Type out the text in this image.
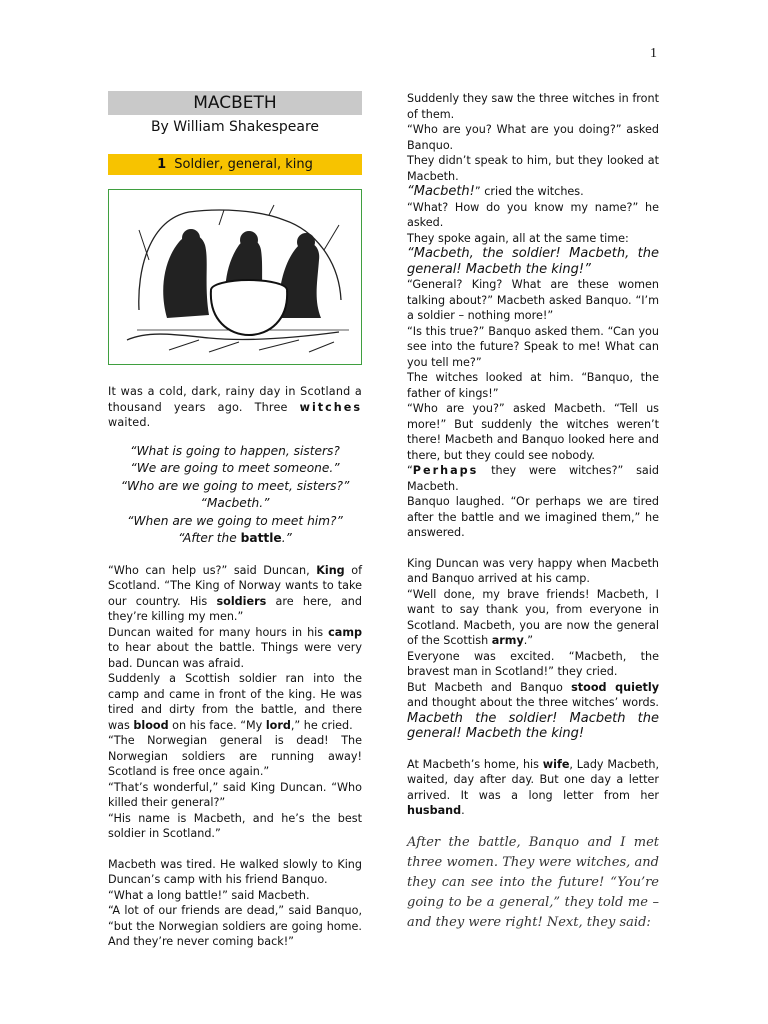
1
MACBETH
By William Shakespeare
1 Soldier, general, king

It was a cold, dark, rainy day in Scotland a thousand years ago. Three witches waited.

“What is going to happen, sisters?
“We are going to meet someone.”
“Who are we going to meet, sisters?”
“Macbeth.”
“When are we going to meet him?”
“After the battle.”

“Who can help us?” said Duncan, King of Scotland. “The King of Norway wants to take our country. His soldiers are here, and they’re killing my men.”

Duncan waited for many hours in his camp to hear about the battle. Things were very bad. Duncan was afraid.

Suddenly a Scottish soldier ran into the camp and came in front of the king. He was tired and dirty from the battle, and there was blood on his face. “My lord,” he cried.

“The Norwegian general is dead! The Norwegian soldiers are running away! Scotland is free once again.”

“That’s wonderful,” said King Duncan. “Who killed their general?”

“His name is Macbeth, and he’s the best soldier in Scotland.”

Macbeth was tired. He walked slowly to King Duncan’s camp with his friend Banquo.

“What a long battle!” said Macbeth.

“A lot of our friends are dead,” said Banquo, “but the Norwegian soldiers are going home. And they’re never coming back!”

Suddenly they saw the three witches in front of them.

“Who are you? What are you doing?” asked Banquo.

They didn’t speak to him, but they looked at Macbeth.

“Macbeth!” cried the witches.

“What? How do you know my name?” he asked.

They spoke again, all at the same time:

“Macbeth, the soldier! Macbeth, the general! Macbeth the king!”

“General? King? What are these women talking about?” Macbeth asked Banquo. “I’m a soldier – nothing more!”

“Is this true?” Banquo asked them. “Can you see into the future? Speak to me! What can you tell me?”

The witches looked at him. “Banquo, the father of kings!”

“Who are you?” asked Macbeth. “Tell us more!” But suddenly the witches weren’t there! Macbeth and Banquo looked here and there, but they could see nobody.

“Perhaps they were witches?” said Macbeth.

Banquo laughed. “Or perhaps we are tired after the battle and we imagined them,” he answered.

King Duncan was very happy when Macbeth and Banquo arrived at his camp.

“Well done, my brave friends! Macbeth, I want to say thank you, from everyone in Scotland. Macbeth, you are now the general of the Scottish army.”

Everyone was excited. “Macbeth, the bravest man in Scotland!” they cried.

But Macbeth and Banquo stood quietly and thought about the three witches’ words. Macbeth the soldier! Macbeth the general! Macbeth the king!

At Macbeth’s home, his wife, Lady Macbeth, waited, day after day. But one day a letter arrived. It was a long letter from her husband.

After the battle, Banquo and I met three women. They were witches, and they can see into the future! “You’re going to be a general,” they told me – and they were right! Next, they said:
